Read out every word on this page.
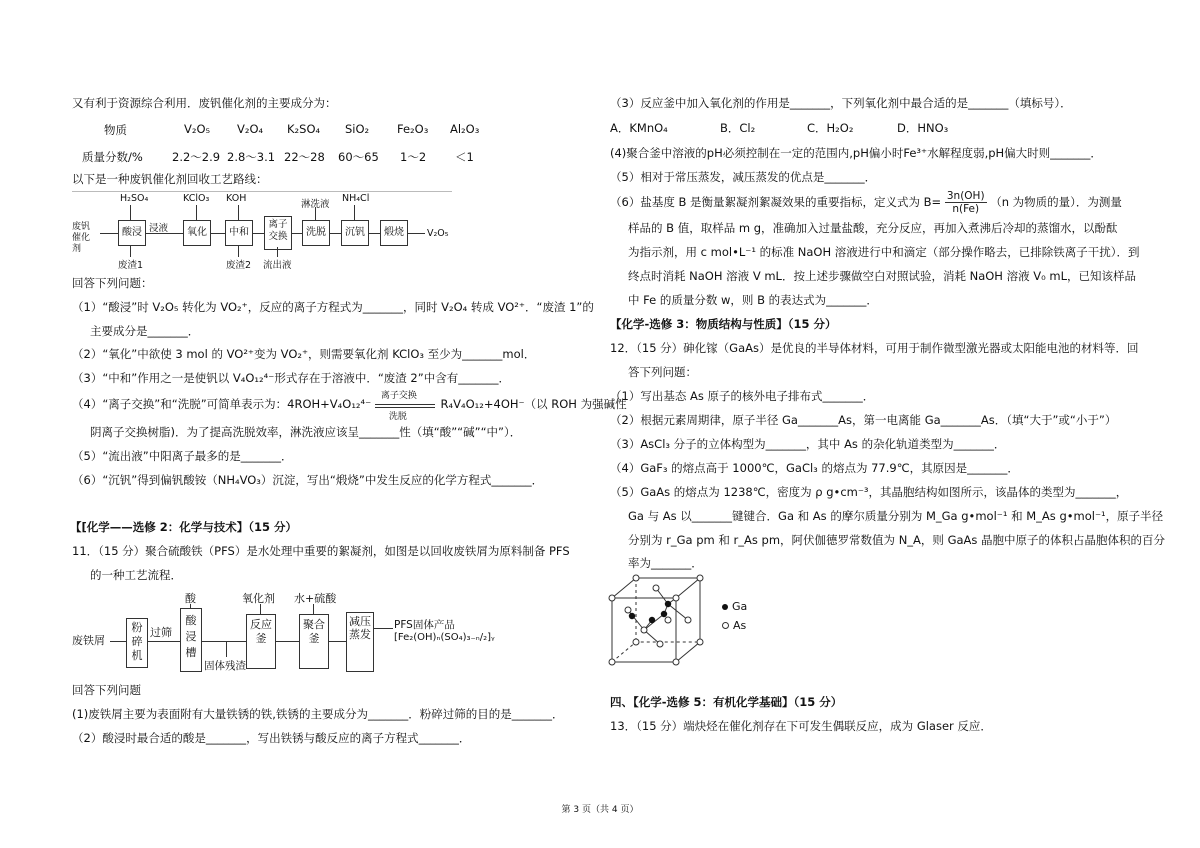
又有利于资源综合利用．废钒催化剂的主要成分为：
物质	V₂O₅ V₂O₄ K₂SO₄ SiO₂ Fe₂O₃ Al₂O₃
质量分数/%	2.2～2.9 2.8～3.1 22～28 60～65 1～2	＜1
以下是一种废钒催化剂回收工艺路线：
废钒催化剂
酸浸 浸液	氧化	中和
离子交换	洗脱	沉钒	煅烧	V₂O₅
H₂SO₄	KClO₃ KOH
淋洗液
NH₄Cl
废渣1	废渣2 流出液
回答下列问题：
（1）“酸浸”时 V₂O₅ 转化为 VO₂⁺，反应的离子方程式为_______，同时 V₂O₄ 转成 VO²⁺．“废渣 1”的
主要成分是_______．
（2）“氧化”中欲使 3 mol 的 VO²⁺变为 VO₂⁺，则需要氧化剂 KClO₃ 至少为_______mol．
（3）“中和”作用之一是使钒以 V₄O₁₂⁴⁻形式存在于溶液中．“废渣 2”中含有_______．
（4）“离子交换”和“洗脱”可简单表示为：4ROH+V₄O₁₂⁴⁻
离子交换
洗脱
R₄V₄O₁₂+4OH⁻（以 ROH 为强碱性
阴离子交换树脂)．为了提高洗脱效率，淋洗液应该呈_______性（填“酸”“碱”“中”）．
（5）“流出液”中阳离子最多的是_______．
（6）“沉钒”得到偏钒酸铵（NH₄VO₃）沉淀，写出“煅烧”中发生反应的化学方程式_______．
【[化学——选修 2：化学与技术】（15 分）
11．（15 分）聚合硫酸铁（PFS）是水处理中重要的絮凝剂，如图是以回收废铁屑为原料制备 PFS
的一种工艺流程．
废铁屑
粉碎机
过筛
酸浸槽
酸
固体残渣
反应釜
氧化剂
聚合釜
水+硫酸
减压蒸发
PFS固体产品
[Fe₂(OH)ₙ(SO₄)₃₋ₙ/₂]ᵧ
回答下列问题
(1)废铁屑主要为表面附有大量铁锈的铁,铁锈的主要成分为_______．粉碎过筛的目的是_______．
（2）酸浸时最合适的酸是_______，写出铁锈与酸反应的离子方程式_______．
（3）反应釜中加入氧化剂的作用是_______，下列氧化剂中最合适的是_______（填标号）．
A．KMnO₄	B．Cl₂	C．H₂O₂	D．HNO₃
(4)聚合釜中溶液的pH必须控制在一定的范围内,pH偏小时Fe³⁺水解程度弱,pH偏大时则_______．
（5）相对于常压蒸发，减压蒸发的优点是_______．
（6）盐基度 B 是衡量絮凝剂絮凝效果的重要指标，定义式为 $B= \frac{3n(OH)}{n(Fe)} (n$ 为物质的量）．为测量
样品的 B 值，取样品 m g，准确加入过量盐酸，充分反应，再加入煮沸后冷却的蒸馏水，以酚酞
为指示剂，用 c mol•L⁻¹ 的标准 NaOH 溶液进行中和滴定（部分操作略去，已排除铁离子干扰）．到
终点时消耗 NaOH 溶液 V mL．按上述步骤做空白对照试验，消耗 NaOH 溶液 V₀ mL，已知该样品
中 Fe 的质量分数 w，则 B 的表达式为_______．
【化学-选修 3：物质结构与性质】（15 分）
12．（15 分）砷化镓（GaAs）是优良的半导体材料，可用于制作微型激光器或太阳能电池的材料等．回
答下列问题：
（1）写出基态 As 原子的核外电子排布式_______．
（2）根据元素周期律，原子半径 Ga_______As，第一电离能 Ga_______As．（填“大于”或“小于”）
（3）AsCl₃ 分子的立体构型为_______，其中 As 的杂化轨道类型为_______．
（4）GaF₃ 的熔点高于 1000℃，GaCl₃ 的熔点为 77.9℃，其原因是_______．
（5）GaAs 的熔点为 1238℃，密度为 ρ g•cm⁻³，其晶胞结构如图所示，该晶体的类型为_______，
Ga 与 As 以_______键键合．Ga 和 As 的摩尔质量分别为 M_Ga g•mol⁻¹ 和 M_As g•mol⁻¹，原子半径
分别为 r_Ga pm 和 r_As pm，阿伏伽德罗常数值为 N_A，则 GaAs 晶胞中原子的体积占晶胞体积的百分
率为_______．
Ga
As
四、【化学-选修 5：有机化学基础】（15 分）
13．（15 分）端炔烃在催化剂存在下可发生偶联反应，成为 Glaser 反应．
第 3 页（共 4 页）
